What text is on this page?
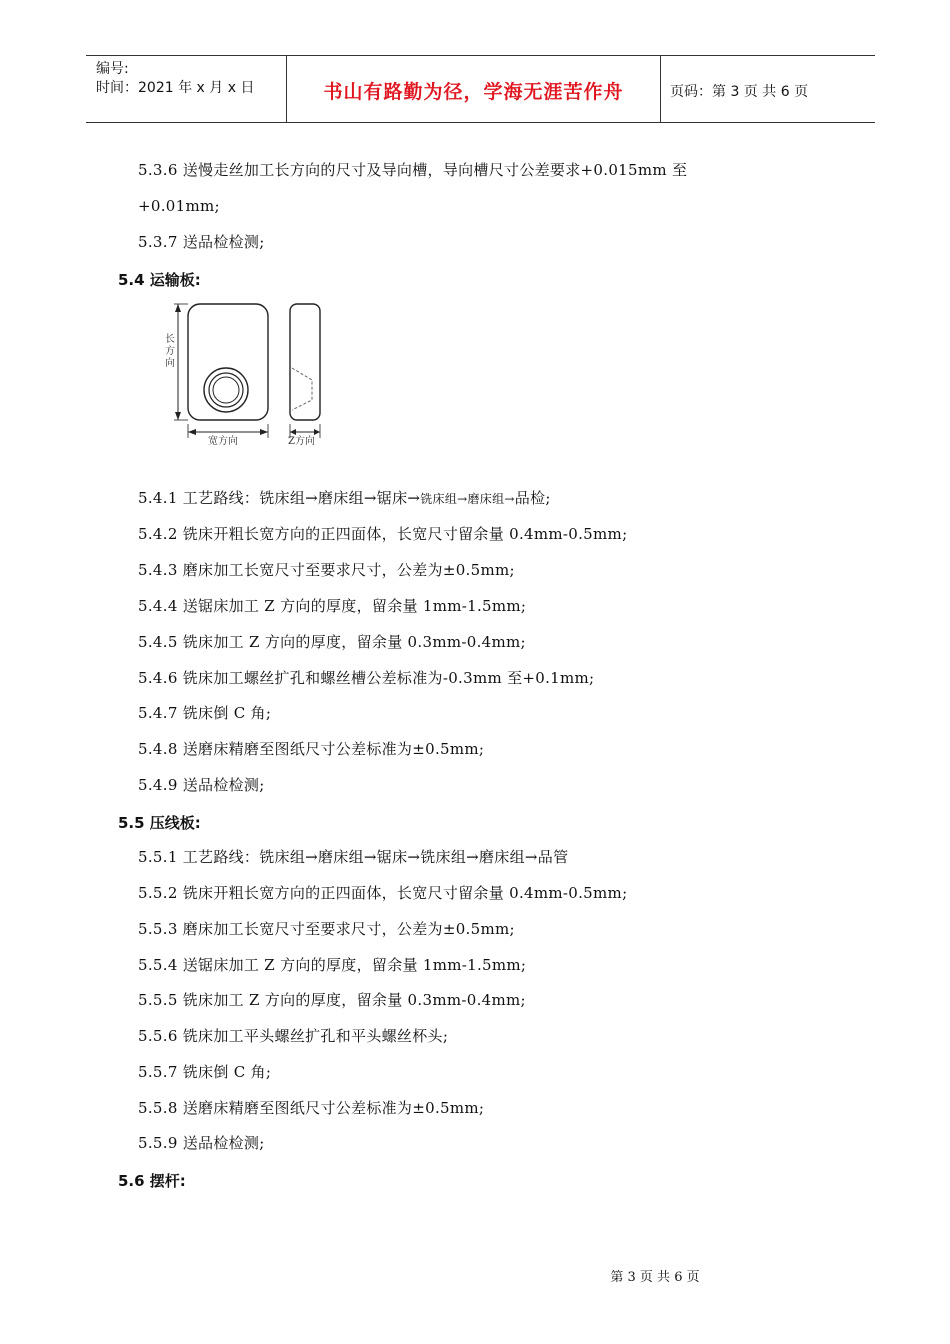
编号:
时间：2021 年 x 月 x 日	书山有路勤为径，学海无涯苦作舟	页码：第 3 页 共 6 页
5.3.6 送慢走丝加工长方向的尺寸及导向槽，导向槽尺寸公差要求+0.015mm 至
+0.01mm;
5.3.7 送品检检测;
5.4 运输板:
长方向
宽方向	Z方向
5.4.1 工艺路线：铣床组→磨床组→锯床→铣床组→磨床组→品检;
5.4.2 铣床开粗长宽方向的正四面体，长宽尺寸留余量 0.4mm-0.5mm;
5.4.3 磨床加工长宽尺寸至要求尺寸，公差为±0.5mm;
5.4.4 送锯床加工 Z 方向的厚度，留余量 1mm-1.5mm;
5.4.5 铣床加工 Z 方向的厚度，留余量 0.3mm-0.4mm;
5.4.6 铣床加工螺丝扩孔和螺丝槽公差标准为-0.3mm 至+0.1mm;
5.4.7 铣床倒 C 角;
5.4.8 送磨床精磨至图纸尺寸公差标准为±0.5mm;
5.4.9 送品检检测;
5.5 压线板:
5.5.1 工艺路线：铣床组→磨床组→锯床→铣床组→磨床组→品管
5.5.2 铣床开粗长宽方向的正四面体，长宽尺寸留余量 0.4mm-0.5mm;
5.5.3 磨床加工长宽尺寸至要求尺寸，公差为±0.5mm;
5.5.4 送锯床加工 Z 方向的厚度，留余量 1mm-1.5mm;
5.5.5 铣床加工 Z 方向的厚度，留余量 0.3mm-0.4mm;
5.5.6 铣床加工平头螺丝扩孔和平头螺丝杯头;
5.5.7 铣床倒 C 角;
5.5.8 送磨床精磨至图纸尺寸公差标准为±0.5mm;
5.5.9 送品检检测;
5.6 摆杆:
第 3 页 共 6 页
